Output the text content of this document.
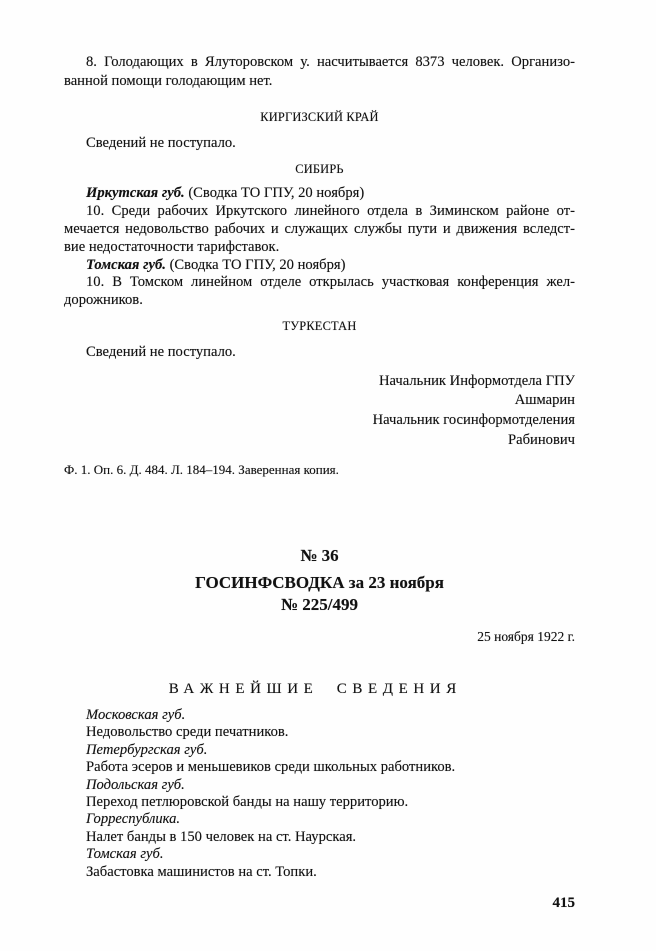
8. Голодающих в Ялуторовском у. насчитывается 8373 человек. Организо-
ванной помощи голодающим нет.
КИРГИЗСКИЙ КРАЙ
Сведений не поступало.
СИБИРЬ
Иркутская губ. (Сводка ТО ГПУ, 20 ноября)
10. Среди рабочих Иркутского линейного отдела в Зиминском районе от-
мечается недовольство рабочих и служащих службы пути и движения вследст-
вие недостаточности тарифставок.
Томская губ. (Сводка ТО ГПУ, 20 ноября)
10. В Томском линейном отделе открылась участковая конференция жел-
дорожников.
ТУРКЕСТАН
Сведений не поступало.
Начальник Информотдела ГПУ
Ашмарин
Начальник госинформотделения
Рабинович
Ф. 1. Оп. 6. Д. 484. Л. 184–194. Заверенная копия.
№ 36
ГОСИНФСВОДКА за 23 ноября
№ 225/499
25 ноября 1922 г.
ВАЖНЕЙШИЕ СВЕДЕНИЯ
Московская губ.
Недовольство среди печатников.
Петербургская губ.
Работа эсеров и меньшевиков среди школьных работников.
Подольская губ.
Переход петлюровской банды на нашу территорию.
Горреспублика.
Налет банды в 150 человек на ст. Наурская.
Томская губ.
Забастовка машинистов на ст. Топки.
415
